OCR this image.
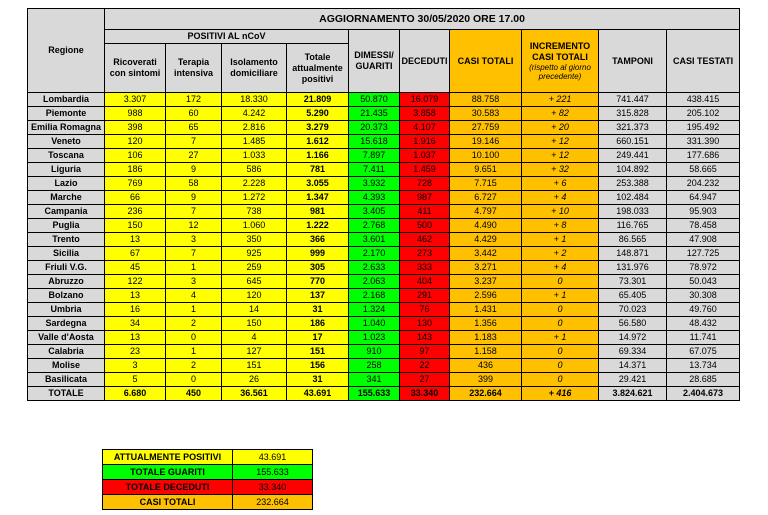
Regione	AGGIORNAMENTO 30/05/2020 ORE 17.00									
	POSITIVI AL nCoV				DIMESSI/ GUARITI	DECEDUTI	CASI TOTALI	INCREMENTO CASI TOTALI
(rispetto al giorno precedente)	TAMPONI	CASI TESTATI
	Ricoverati con sintomi	Terapia intensiva	Isolamento domiciliare	Totale attualmente positivi						
Lombardia	3.307	172	18.330	21.809	50.870	16.079	88.758	+ 221	741.447	438.415
Piemonte	988	60	4.242	5.290	21.435	3.858	30.583	+ 82	315.828	205.102
Emilia Romagna	398	65	2.816	3.279	20.373	4.107	27.759	+ 20	321.373	195.492
Veneto	120	7	1.485	1.612	15.618	1.916	19.146	+ 12	660.151	331.390
Toscana	106	27	1.033	1.166	7.897	1.037	10.100	+ 12	249.441	177.686
Liguria	186	9	586	781	7.411	1.459	9.651	+ 32	104.892	58.665
Lazio	769	58	2.228	3.055	3.932	728	7.715	+ 6	253.388	204.232
Marche	66	9	1.272	1.347	4.393	987	6.727	+ 4	102.484	64.947
Campania	236	7	738	981	3.405	411	4.797	+ 10	198.033	95.903
Puglia	150	12	1.060	1.222	2.768	500	4.490	+ 8	116.765	78.458
Trento	13	3	350	366	3.601	462	4.429	+ 1	86.565	47.908
Sicilia	67	7	925	999	2.170	273	3.442	+ 2	148.871	127.725
Friuli V.G.	45	1	259	305	2.633	333	3.271	+ 4	131.976	78.972
Abruzzo	122	3	645	770	2.063	404	3.237	0	73.301	50.043
Bolzano	13	4	120	137	2.168	291	2.596	+ 1	65.405	30.308
Umbria	16	1	14	31	1.324	76	1.431	0	70.023	49.760
Sardegna	34	2	150	186	1.040	130	1.356	0	56.580	48.432
Valle d'Aosta	13	0	4	17	1.023	143	1.183	+ 1	14.972	11.741
Calabria	23	1	127	151	910	97	1.158	0	69.334	67.075
Molise	3	2	151	156	258	22	436	0	14.371	13.734
Basilicata	5	0	26	31	341	27	399	0	29.421	28.685
TOTALE	6.680	450	36.561	43.691	155.633	33.340	232.664	+ 416	3.824.621	2.404.673
ATTUALMENTE POSITIVI	43.691
TOTALE GUARITI	155.633
TOTALE DECEDUTI	33.340
CASI TOTALI	232.664
